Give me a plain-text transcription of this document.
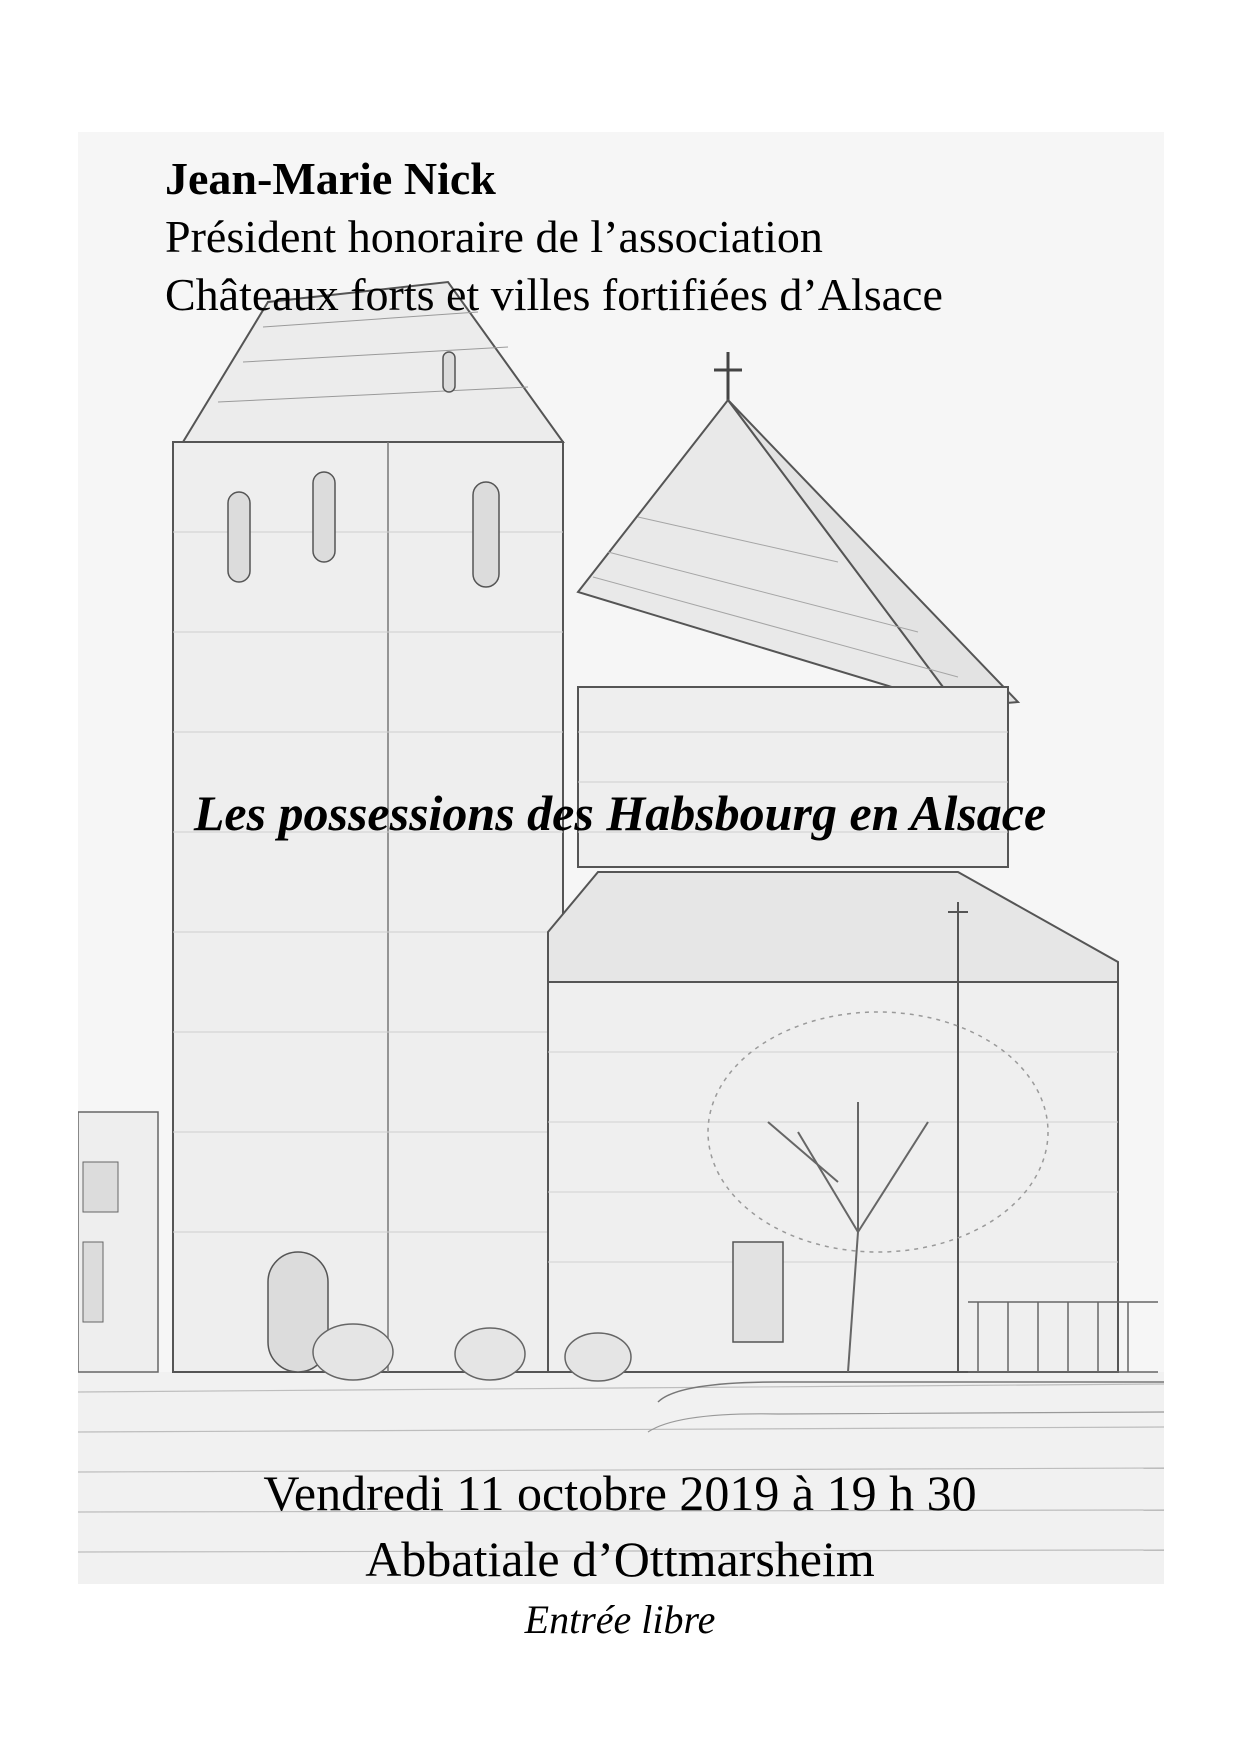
Jean-Marie Nick
Président honoraire de l’association
Châteaux forts et villes fortifiées d’Alsace
Les possessions des Habsbourg en Alsace
Vendredi 11 octobre 2019 à 19 h 30
Abbatiale d’Ottmarsheim
Entrée libre
